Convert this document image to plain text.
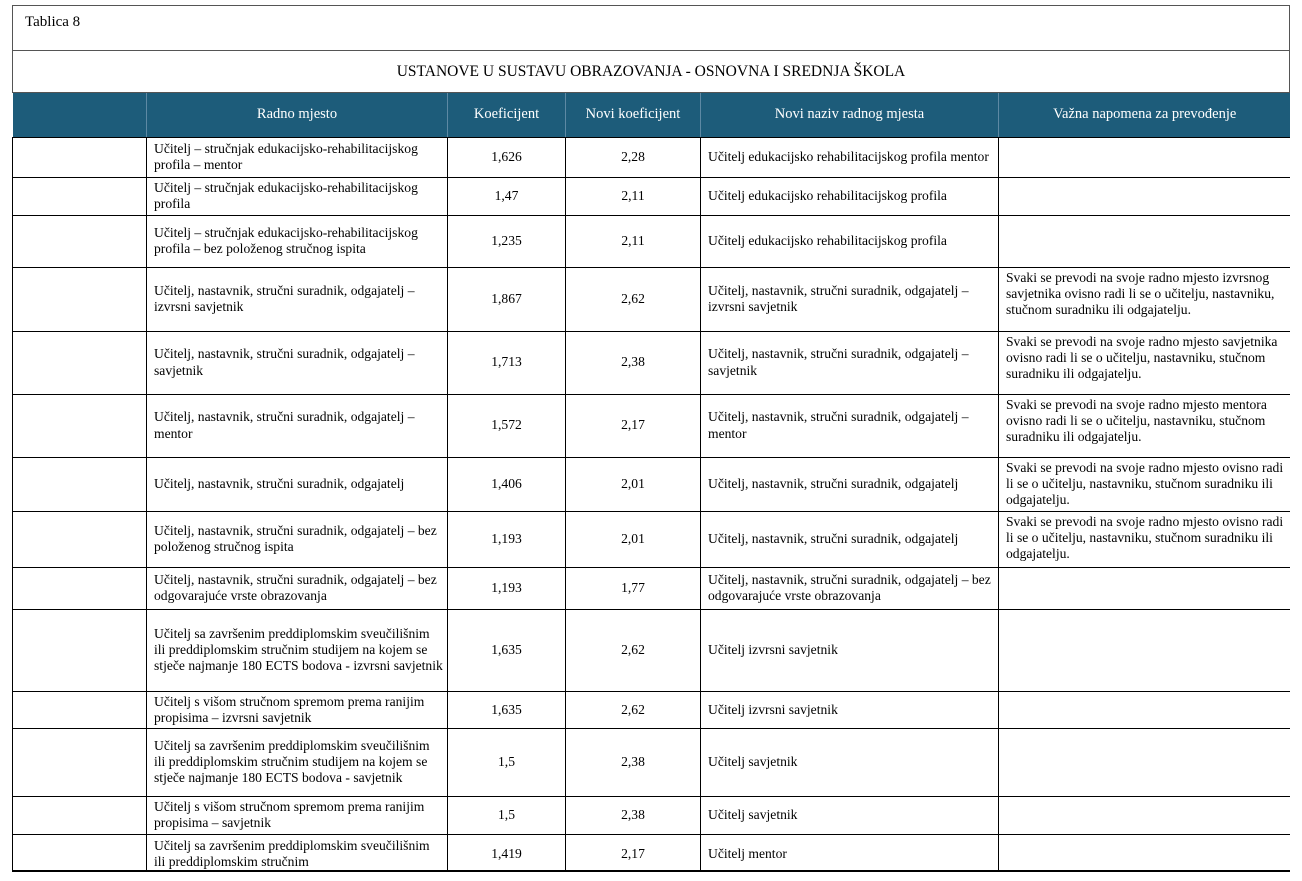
Tablica 8
USTANOVE U SUSTAVU OBRAZOVANJA - OSNOVNA I SREDNJA ŠKOLA
	Radno mjesto	Koeficijent	Novi koeficijent	Novi naziv radnog mjesta	Važna napomena za prevođenje
	Učitelj – stručnjak edukacijsko-rehabilitacijskog profila – mentor	1,626	2,28	Učitelj edukacijsko rehabilitacijskog profila mentor	
	Učitelj – stručnjak edukacijsko-rehabilitacijskog profila	1,47	2,11	Učitelj edukacijsko rehabilitacijskog profila	
	Učitelj – stručnjak edukacijsko-rehabilitacijskog profila – bez položenog stručnog ispita	1,235	2,11	Učitelj edukacijsko rehabilitacijskog profila	
	Učitelj, nastavnik, stručni suradnik, odgajatelj – izvrsni savjetnik	1,867	2,62	Učitelj, nastavnik, stručni suradnik, odgajatelj – izvrsni savjetnik	Svaki se prevodi na svoje radno mjesto izvrsnog savjetnika ovisno radi li se o učitelju, nastavniku, stučnom suradniku ili odgajatelju.
	Učitelj, nastavnik, stručni suradnik, odgajatelj – savjetnik	1,713	2,38	Učitelj, nastavnik, stručni suradnik, odgajatelj – savjetnik	Svaki se prevodi na svoje radno mjesto savjetnika ovisno radi li se o učitelju, nastavniku, stučnom suradniku ili odgajatelju.
	Učitelj, nastavnik, stručni suradnik, odgajatelj – mentor	1,572	2,17	Učitelj, nastavnik, stručni suradnik, odgajatelj – mentor	Svaki se prevodi na svoje radno mjesto mentora ovisno radi li se o učitelju, nastavniku, stučnom suradniku ili odgajatelju.
	Učitelj, nastavnik, stručni suradnik, odgajatelj	1,406	2,01	Učitelj, nastavnik, stručni suradnik, odgajatelj	Svaki se prevodi na svoje radno mjesto ovisno radi li se o učitelju, nastavniku, stučnom suradniku ili odgajatelju.
	Učitelj, nastavnik, stručni suradnik, odgajatelj – bez položenog stručnog ispita	1,193	2,01	Učitelj, nastavnik, stručni suradnik, odgajatelj	Svaki se prevodi na svoje radno mjesto ovisno radi li se o učitelju, nastavniku, stučnom suradniku ili odgajatelju.
	Učitelj, nastavnik, stručni suradnik, odgajatelj – bez odgovarajuće vrste obrazovanja	1,193	1,77	Učitelj, nastavnik, stručni suradnik, odgajatelj – bez odgovarajuće vrste obrazovanja	
	Učitelj sa završenim preddiplomskim sveučilišnim ili preddiplomskim stručnim studijem na kojem se stječe najmanje 180 ECTS bodova - izvrsni savjetnik	1,635	2,62	Učitelj izvrsni savjetnik	
	Učitelj s višom stručnom spremom prema ranijim propisima – izvrsni savjetnik	1,635	2,62	Učitelj izvrsni savjetnik	
	Učitelj sa završenim preddiplomskim sveučilišnim ili preddiplomskim stručnim studijem na kojem se stječe najmanje 180 ECTS bodova - savjetnik	1,5	2,38	Učitelj savjetnik	
	Učitelj s višom stručnom spremom prema ranijim propisima – savjetnik	1,5	2,38	Učitelj savjetnik	
	Učitelj sa završenim preddiplomskim sveučilišnim ili preddiplomskim stručnim	1,419	2,17	Učitelj mentor	
